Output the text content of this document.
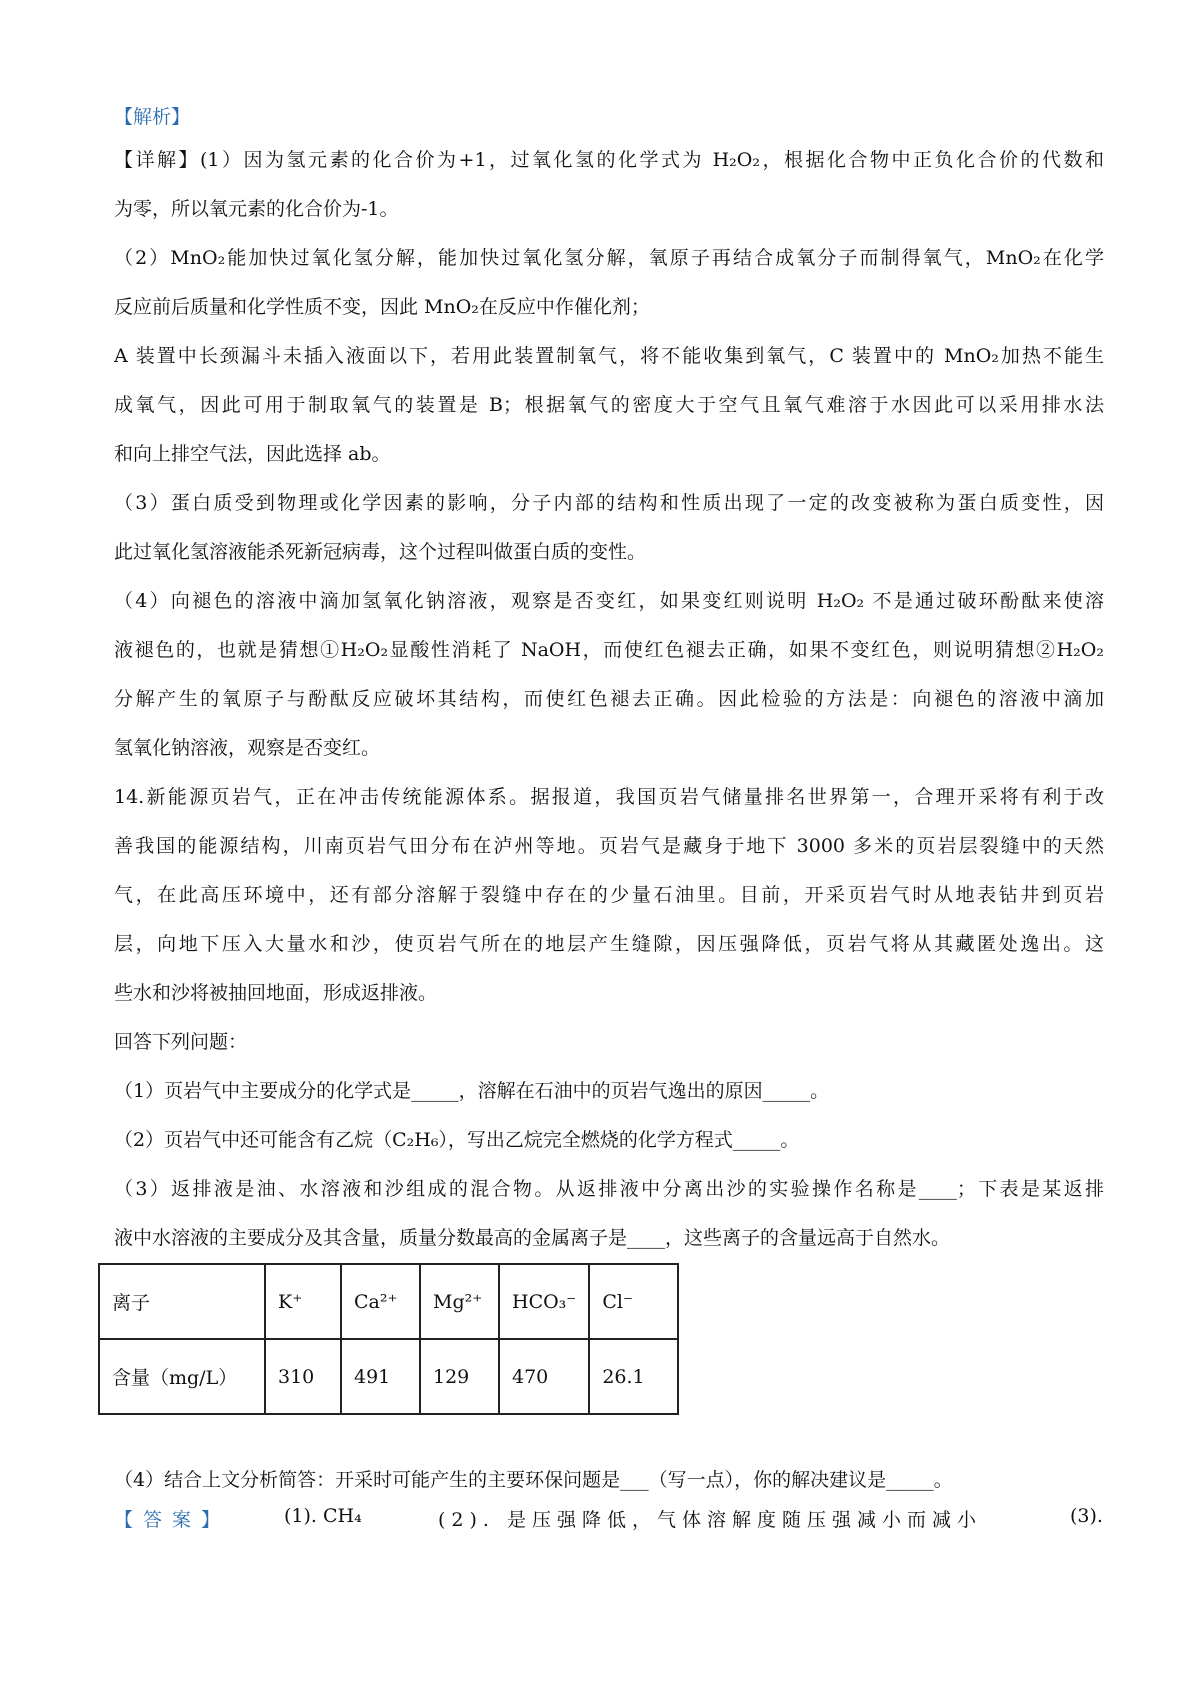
【解析】
【详解】(1）因为氢元素的化合价为+1，过氧化氢的化学式为 H₂O₂，根据化合物中正负化合价的代数和
为零，所以氧元素的化合价为-1。
（2）MnO₂能加快过氧化氢分解，能加快过氧化氢分解，氧原子再结合成氧分子而制得氧气，MnO₂在化学
反应前后质量和化学性质不变，因此 MnO₂在反应中作催化剂；
A 装置中长颈漏斗未插入液面以下，若用此装置制氧气，将不能收集到氧气，C 装置中的 MnO₂加热不能生
成氧气，因此可用于制取氧气的装置是 B；根据氧气的密度大于空气且氧气难溶于水因此可以采用排水法
和向上排空气法，因此选择 ab。
（3）蛋白质受到物理或化学因素的影响，分子内部的结构和性质出现了一定的改变被称为蛋白质变性，因
此过氧化氢溶液能杀死新冠病毒，这个过程叫做蛋白质的变性。
（4）向褪色的溶液中滴加氢氧化钠溶液，观察是否变红，如果变红则说明 H₂O₂ 不是通过破环酚酞来使溶
液褪色的，也就是猜想①H₂O₂显酸性消耗了 NaOH，而使红色褪去正确，如果不变红色，则说明猜想②H₂O₂
分解产生的氧原子与酚酞反应破坏其结构，而使红色褪去正确。因此检验的方法是：向褪色的溶液中滴加
氢氧化钠溶液，观察是否变红。
14.新能源页岩气，正在冲击传统能源体系。据报道，我国页岩气储量排名世界第一，合理开采将有利于改
善我国的能源结构，川南页岩气田分布在泸州等地。页岩气是藏身于地下 3000 多米的页岩层裂缝中的天然
气，在此高压环境中，还有部分溶解于裂缝中存在的少量石油里。目前，开采页岩气时从地表钻井到页岩
层，向地下压入大量水和沙，使页岩气所在的地层产生缝隙，因压强降低，页岩气将从其藏匿处逸出。这
些水和沙将被抽回地面，形成返排液。
回答下列问题：
（1）页岩气中主要成分的化学式是_____，溶解在石油中的页岩气逸出的原因_____。
（2）页岩气中还可能含有乙烷（C₂H₆），写出乙烷完全燃烧的化学方程式_____。
（3）返排液是油、水溶液和沙组成的混合物。从返排液中分离出沙的实验操作名称是____；下表是某返排
液中水溶液的主要成分及其含量，质量分数最高的金属离子是____，这些离子的含量远高于自然水。
离子	K⁺	Ca²⁺	Mg²⁺	HCO₃⁻	Cl⁻
含量（mg/L）	310	491	129	470	26.1
（4）结合上文分析简答：开采时可能产生的主要环保问题是___（写一点），你的解决建议是_____。
【答案】	(1). CH₄	(2). 是压强降低，气体溶解度随压强减小而减小	(3).
